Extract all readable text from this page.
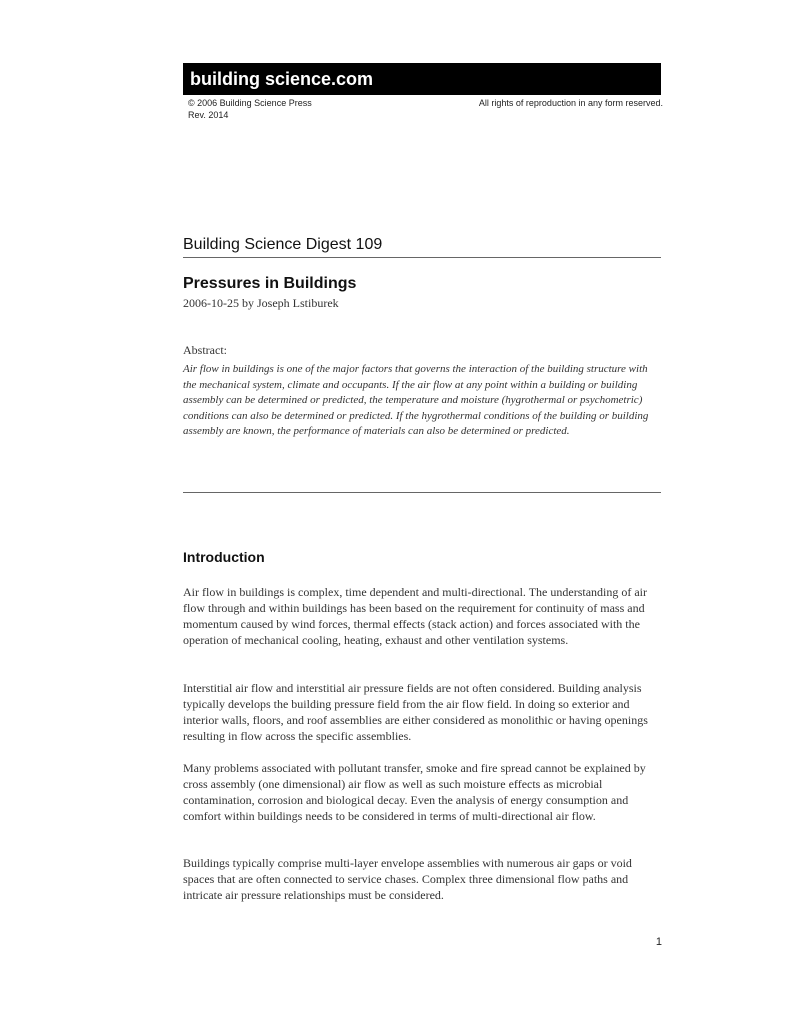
building science.com
© 2006 Building Science Press
Rev. 2014
All rights of reproduction in any form reserved.
Building Science Digest 109
Pressures in Buildings
2006-10-25 by Joseph Lstiburek
Abstract:
Air flow in buildings is one of the major factors that governs the interaction of the building structure with the mechanical system, climate and occupants. If the air flow at any point within a building or building assembly can be determined or predicted, the temperature and moisture (hygrothermal or psychometric) conditions can also be determined or predicted. If the hygrothermal conditions of the building or building assembly are known, the performance of materials can also be determined or predicted.
Introduction
Air flow in buildings is complex, time dependent and multi-directional. The understanding of air flow through and within buildings has been based on the requirement for continuity of mass and momentum caused by wind forces, thermal effects (stack action) and forces associated with the operation of mechanical cooling, heating, exhaust and other ventilation systems.
Interstitial air flow and interstitial air pressure fields are not often considered. Building analysis typically develops the building pressure field from the air flow field. In doing so exterior and interior walls, floors, and roof assemblies are either considered as monolithic or having openings resulting in flow across the specific assemblies.
Many problems associated with pollutant transfer, smoke and fire spread cannot be explained by cross assembly (one dimensional) air flow as well as such moisture effects as microbial contamination, corrosion and biological decay. Even the analysis of energy consumption and comfort within buildings needs to be considered in terms of multi-directional air flow.
Buildings typically comprise multi-layer envelope assemblies with numerous air gaps or void spaces that are often connected to service chases. Complex three dimensional flow paths and intricate air pressure relationships must be considered.
1
